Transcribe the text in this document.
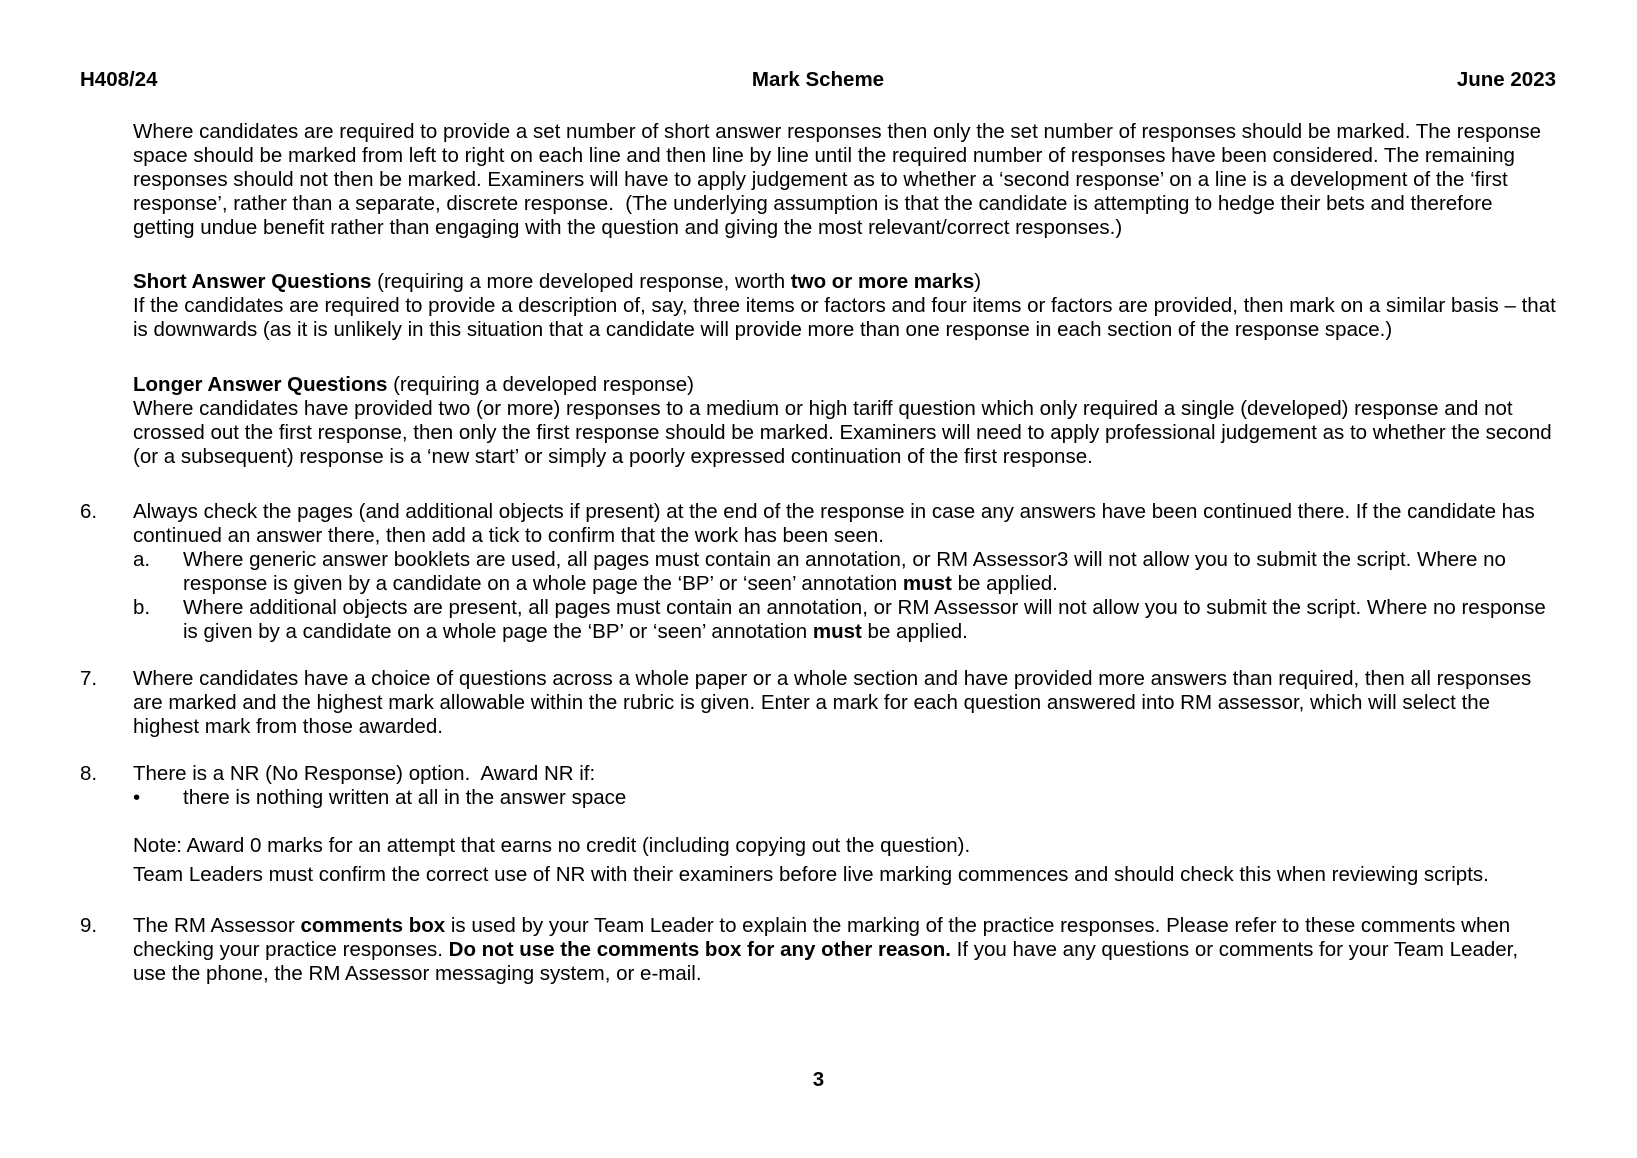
H408/24	Mark Scheme	June 2023

Where candidates are required to provide a set number of short answer responses then only the set number of responses should be marked. The response space should be marked from left to right on each line and then line by line until the required number of responses have been considered. The remaining responses should not then be marked. Examiners will have to apply judgement as to whether a ‘second response’ on a line is a development of the ‘first response’, rather than a separate, discrete response.  (The underlying assumption is that the candidate is attempting to hedge their bets and therefore getting undue benefit rather than engaging with the question and giving the most relevant/correct responses.)

Short Answer Questions (requiring a more developed response, worth two or more marks)

If the candidates are required to provide a description of, say, three items or factors and four items or factors are provided, then mark on a similar basis – that is downwards (as it is unlikely in this situation that a candidate will provide more than one response in each section of the response space.)

Longer Answer Questions (requiring a developed response)

Where candidates have provided two (or more) responses to a medium or high tariff question which only required a single (developed) response and not crossed out the first response, then only the first response should be marked. Examiners will need to apply professional judgement as to whether the second (or a subsequent) response is a ‘new start’ or simply a poorly expressed continuation of the first response.

6.	Always check the pages (and additional objects if present) at the end of the response in case any answers have been continued there. If the candidate has continued an answer there, then add a tick to confirm that the work has been seen.

a.	Where generic answer booklets are used, all pages must contain an annotation, or RM Assessor3 will not allow you to submit the script. Where no response is given by a candidate on a whole page the ‘BP’ or ‘seen’ annotation must be applied.

b.	Where additional objects are present, all pages must contain an annotation, or RM Assessor will not allow you to submit the script. Where no response is given by a candidate on a whole page the ‘BP’ or ‘seen’ annotation must be applied.

7.	Where candidates have a choice of questions across a whole paper or a whole section and have provided more answers than required, then all responses are marked and the highest mark allowable within the rubric is given. Enter a mark for each question answered into RM assessor, which will select the highest mark from those awarded.

8.	There is a NR (No Response) option.  Award NR if:

•	there is nothing written at all in the answer space

Note: Award 0 marks for an attempt that earns no credit (including copying out the question).

Team Leaders must confirm the correct use of NR with their examiners before live marking commences and should check this when reviewing scripts.

9.	The RM Assessor comments box is used by your Team Leader to explain the marking of the practice responses. Please refer to these comments when checking your practice responses. Do not use the comments box for any other reason. If you have any questions or comments for your Team Leader, use the phone, the RM Assessor messaging system, or e-mail.

3
